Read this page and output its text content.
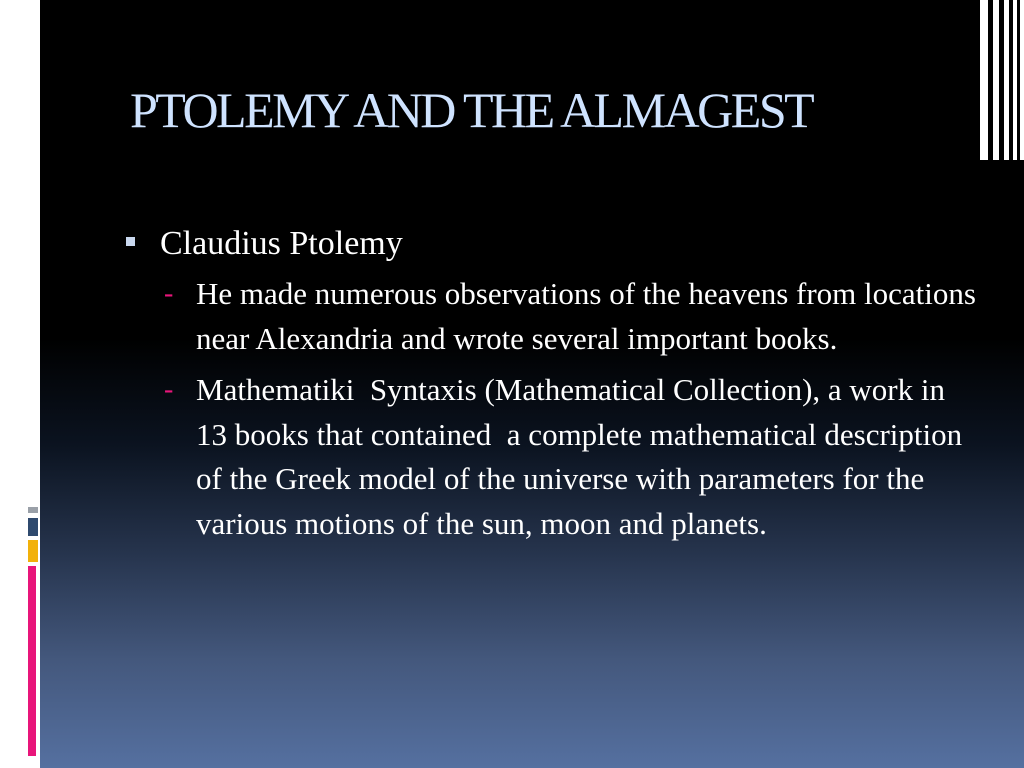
PTOLEMY AND THE ALMAGEST
Claudius Ptolemy
- He made numerous observations of the heavens from locations near Alexandria and wrote several important books.
- Mathematiki  Syntaxis (Mathematical Collection), a work in 13 books that contained  a complete mathematical description of the Greek model of the universe with parameters for the various motions of the sun, moon and planets.
